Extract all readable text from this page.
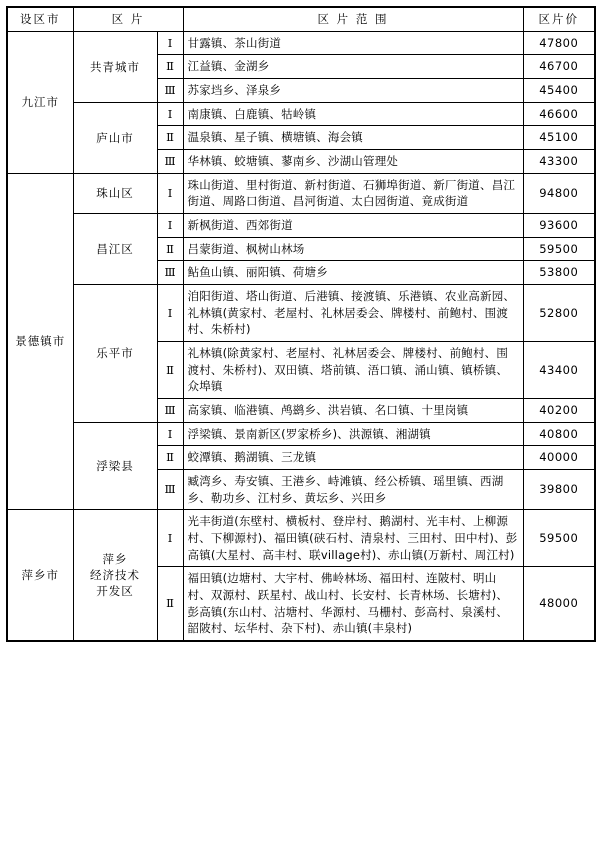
设区市	区 片		区 片 范 围	区片价
九江市	共青城市	Ⅰ	甘露镇、茶山街道	47800
		Ⅱ	江益镇、金湖乡	46700
		Ⅲ	苏家垱乡、泽泉乡	45400

	庐山市	Ⅰ	南康镇、白鹿镇、牯岭镇	46600
		Ⅱ	温泉镇、星子镇、横塘镇、海会镇	45100
		Ⅲ	华林镇、蛟塘镇、蓼南乡、沙湖山管理处	43300
景德镇市	珠山区	Ⅰ	珠山街道、里村街道、新村街道、石狮埠街道、新厂街道、昌江街道、周路口街道、昌河街道、太白园街道、竟成街道	94800

	昌江区	Ⅰ	新枫街道、西郊街道	93600
		Ⅱ	吕蒙街道、枫树山林场	59500
		Ⅲ	鲇鱼山镇、丽阳镇、荷塘乡	53800

	乐平市	Ⅰ	洎阳街道、塔山街道、后港镇、接渡镇、乐港镇、农业高新园、礼林镇(黄家村、老屋村、礼林居委会、牌楼村、前鲍村、围渡村、朱桥村)	52800
		Ⅱ	礼林镇(除黄家村、老屋村、礼林居委会、牌楼村、前鲍村、围渡村、朱桥村)、双田镇、塔前镇、浯口镇、涌山镇、镇桥镇、众埠镇	43400
		Ⅲ	高家镇、临港镇、鸬鹚乡、洪岩镇、名口镇、十里岗镇	40200

	浮梁县	Ⅰ	浮梁镇、景南新区(罗家桥乡)、洪源镇、湘湖镇	40800
		Ⅱ	蛟潭镇、鹅湖镇、三龙镇	40000
		Ⅲ	臧湾乡、寿安镇、王港乡、峙滩镇、经公桥镇、瑶里镇、西湖乡、勒功乡、江村乡、黄坛乡、兴田乡	39800
萍乡市	萍乡
经济技术
开发区	Ⅰ	光丰街道(东壁村、横板村、登岸村、鹅湖村、光丰村、上柳源村、下柳源村)、福田镇(硖石村、清泉村、三田村、田中村)、彭高镇(大星村、高丰村、联village村)、赤山镇(万新村、周江村)	59500
		Ⅱ	福田镇(边塘村、大宇村、佛岭林场、福田村、连陂村、明山村、双源村、跃星村、战山村、长安村、长青林场、长塘村)、彭高镇(东山村、沽塘村、华源村、马栅村、彭高村、泉溪村、韶陂村、坛华村、杂下村)、赤山镇(丰泉村)	48000
